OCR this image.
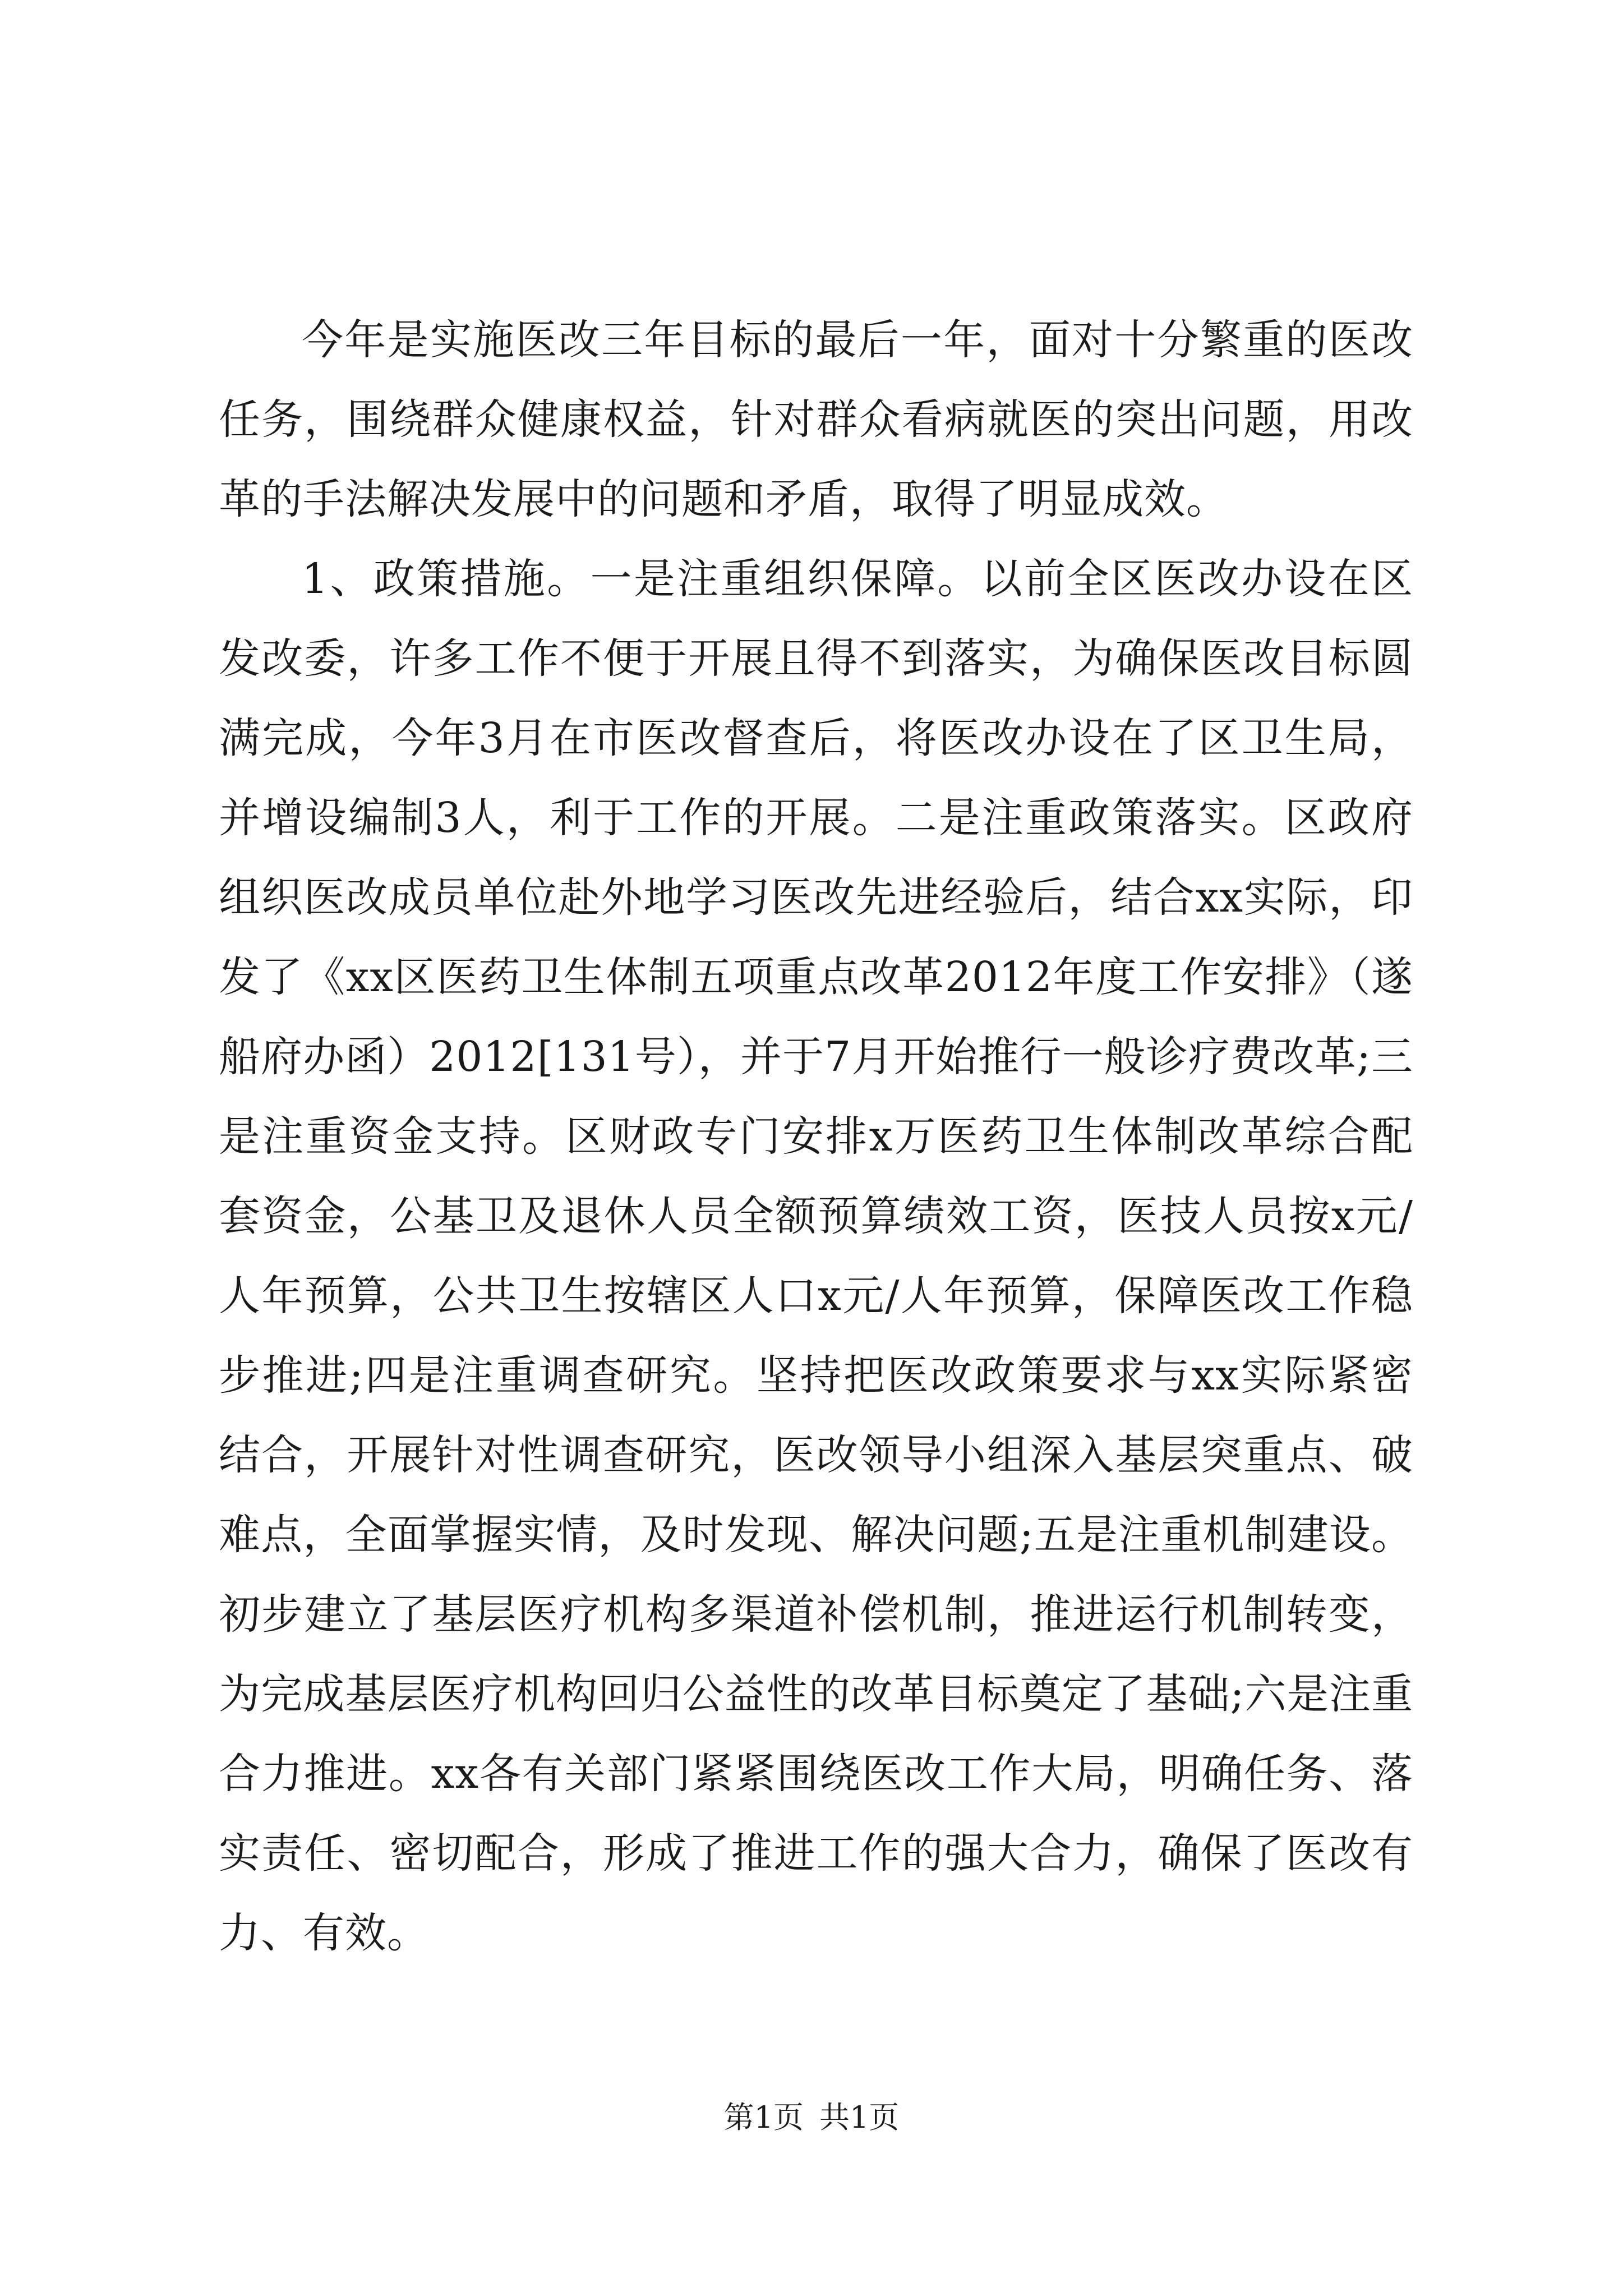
今年是实施医改三年目标的最后一年，面对十分繁重的医改任务，围绕群众健康权益，针对群众看病就医的突出问题，用改革的手法解决发展中的问题和矛盾，取得了明显成效。

1、政策措施。一是注重组织保障。以前全区医改办设在区发改委，许多工作不便于开展且得不到落实，为确保医改目标圆满完成，今年3月在市医改督查后，将医改办设在了区卫生局，并增设编制3人，利于工作的开展。二是注重政策落实。区政府组织医改成员单位赴外地学习医改先进经验后，结合xx实际，印发了《xx区医药卫生体制五项重点改革2012年度工作安排》（遂船府办函）2012[131号），并于7月开始推行一般诊疗费改革;三是注重资金支持。区财政专门安排x万医药卫生体制改革综合配套资金，公基卫及退休人员全额预算绩效工资，医技人员按x元/人年预算，公共卫生按辖区人口x元/人年预算，保障医改工作稳步推进;四是注重调查研究。坚持把医改政策要求与xx实际紧密结合，开展针对性调查研究，医改领导小组深入基层突重点、破难点，全面掌握实情，及时发现、解决问题;五是注重机制建设。初步建立了基层医疗机构多渠道补偿机制，推进运行机制转变，为完成基层医疗机构回归公益性的改革目标奠定了基础;六是注重合力推进。xx各有关部门紧紧围绕医改工作大局，明确任务、落实责任、密切配合，形成了推进工作的强大合力，确保了医改有力、有效。

第1页 共1页
